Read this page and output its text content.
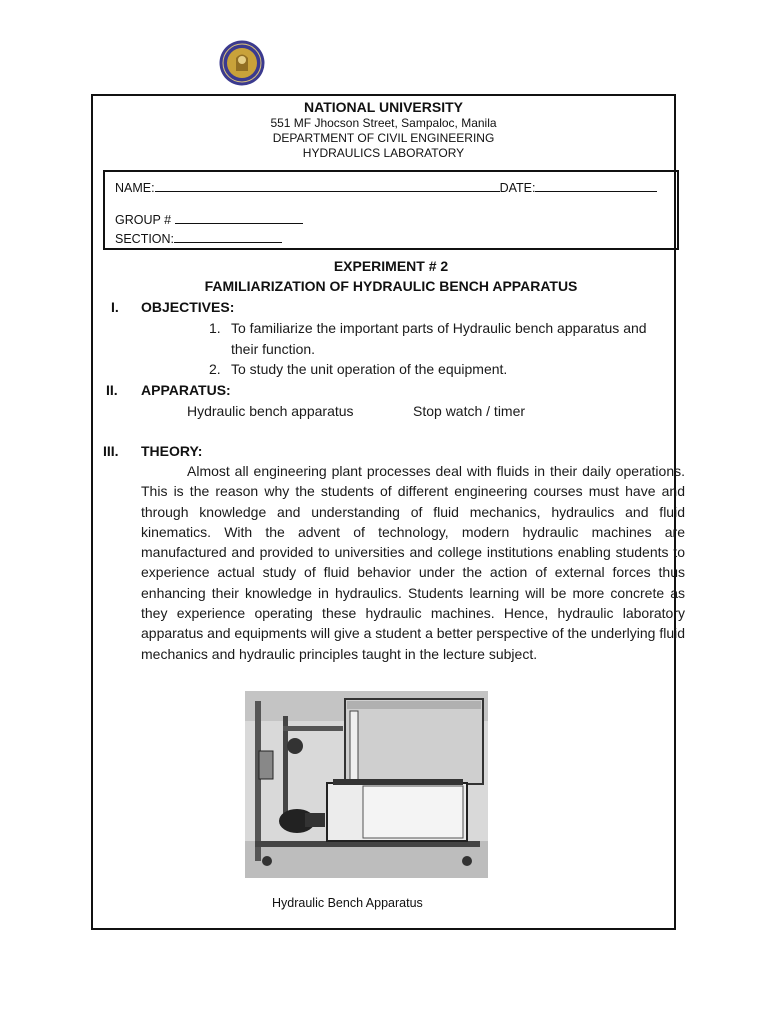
NATIONAL UNIVERSITY
551 MF Jhocson Street, Sampaloc, Manila
DEPARTMENT OF CIVIL ENGINEERING
HYDRAULICS LABORATORY
NAME:	DATE:
GROUP #
SECTION:
EXPERIMENT # 2
FAMILIARIZATION OF HYDRAULIC BENCH APPARATUS
I. OBJECTIVES:
1. To familiarize the important parts of Hydraulic bench apparatus and
their function.
2. To study the unit operation of the equipment.
II. APPARATUS:
Hydraulic bench apparatus	Stop watch / timer
III. THEORY:
Almost all engineering plant processes deal with fluids in their daily operations. This is the reason why the students of different engineering courses must have and through knowledge and understanding of fluid mechanics, hydraulics and fluid kinematics. With the advent of technology, modern hydraulic machines are manufactured and provided to universities and college institutions enabling students to experience actual study of fluid behavior under the action of external forces thus enhancing their knowledge in hydraulics. Students learning will be more concrete as they experience operating these hydraulic machines. Hence, hydraulic laboratory apparatus and equipments will give a student a better perspective of the underlying fluid mechanics and hydraulic principles taught in the lecture subject.
Hydraulic Bench Apparatus
